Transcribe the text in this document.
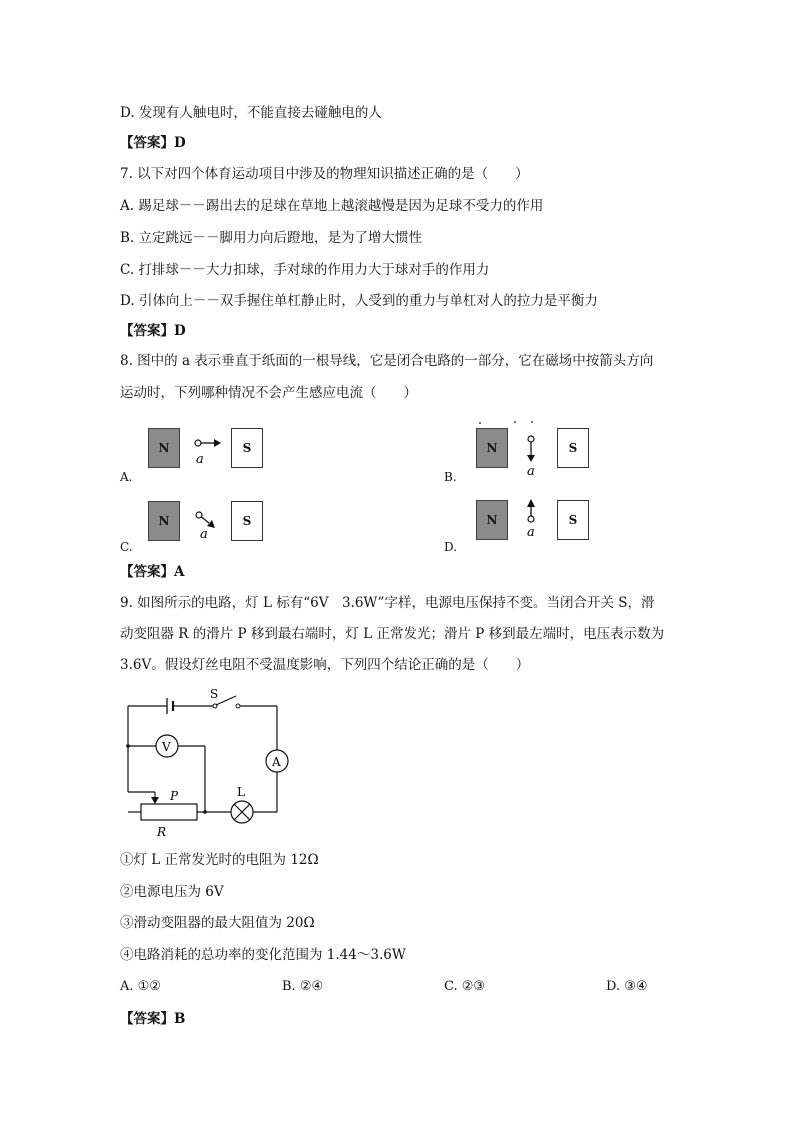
D. 发现有人触电时，不能直接去碰触电的人
【答案】D
7. 以下对四个体育运动项目中涉及的物理知识描述正确的是（　　）
A. 踢足球－－踢出去的足球在草地上越滚越慢是因为足球不受力的作用
B. 立定跳远－－脚用力向后蹬地，是为了增大惯性
C. 打排球－－大力扣球，手对球的作用力大于球对手的作用力
D. 引体向上－－双手握住单杠静止时，人受到的重力与单杠对人的拉力是平衡力
【答案】D
8. 图中的 a 表示垂直于纸面的一根导线，它是闭合电路的一部分，它在磁场中按箭头方向
运动时，下列哪种情况不会产生感应电流（　　）
N	S
a
A.
N	S
a
B.
N	S
a
C.
N	S
a
D.
【答案】A
9. 如图所示的电路，灯 L 标有“6V　3.6W”字样，电源电压保持不变。当闭合开关 S，滑
动变阻器 R 的滑片 P 移到最右端时，灯 L 正常发光；滑片 P 移到最左端时，电压表示数为
3.6V。假设灯丝电阻不受温度影响，下列四个结论正确的是（　　）
S
A
L
R
P
V
①灯 L 正常发光时的电阻为 12Ω
②电源电压为 6V
③滑动变阻器的最大阻值为 20Ω
④电路消耗的总功率的变化范围为 1.44～3.6W
A. ①②	B. ②④	C. ②③	D. ③④
【答案】B
